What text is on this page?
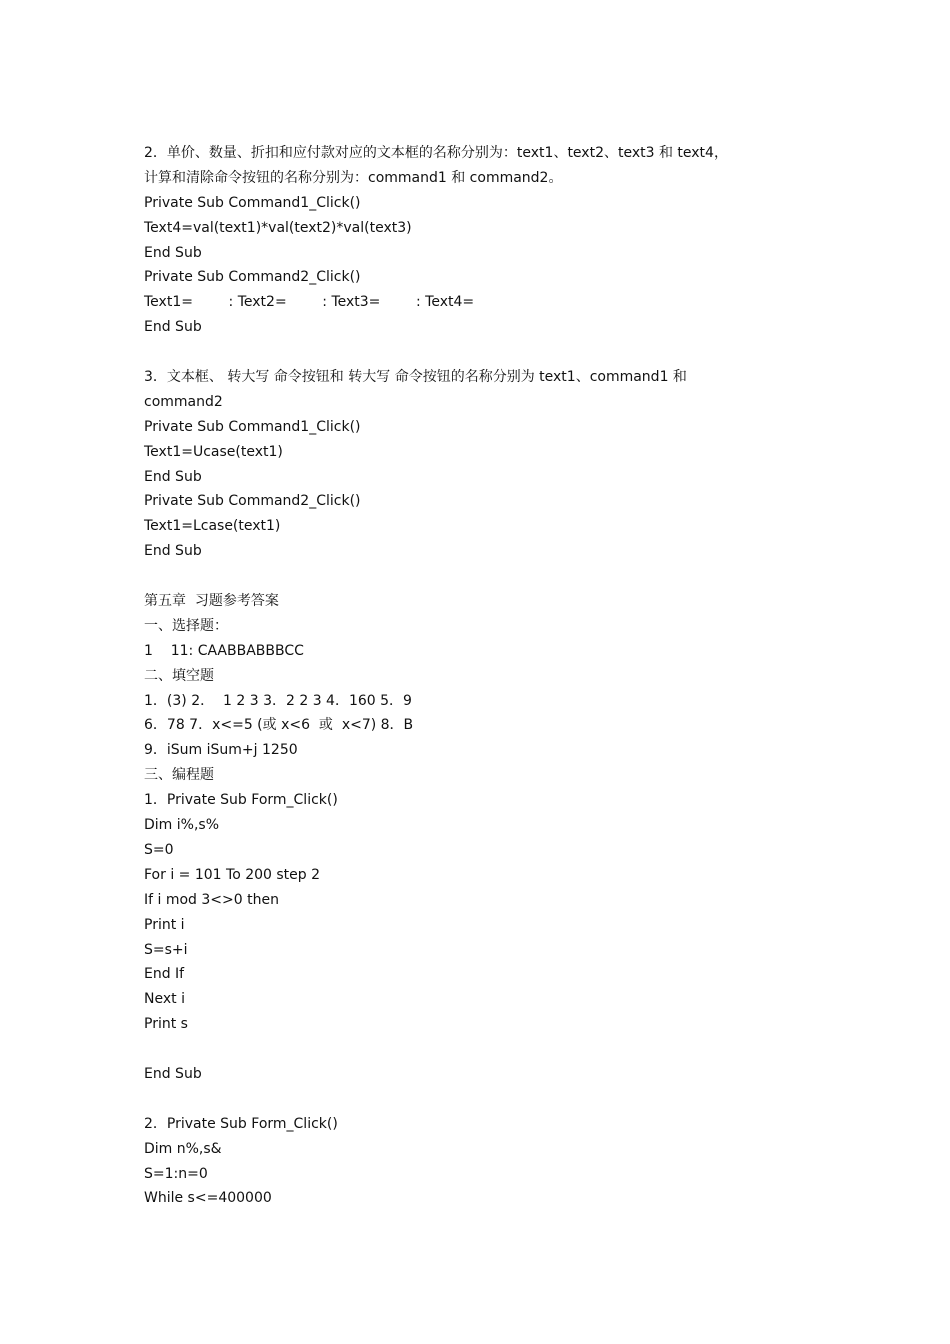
2．单价、数量、折扣和应付款对应的文本框的名称分别为：text1、text2、text3 和 text4，
计算和清除命令按钮的名称分别为：command1 和 command2。
Private Sub Command1_Click()
Text4=val(text1)*val(text2)*val(text3)
End Sub
Private Sub Command2_Click()
Text1=        : Text2=        : Text3=        : Text4=
End Sub
3．文本框、 转大写 命令按钮和 转大写 命令按钮的名称分别为 text1、command1 和
command2
Private Sub Command1_Click()
Text1=Ucase(text1)
End Sub
Private Sub Command2_Click()
Text1=Lcase(text1)
End Sub
第五章  习题参考答案
一、选择题：
1    11: CAABBABBBCC
二、填空题
1．(3) 2．  1 2 3 3．2 2 3 4．160 5．9
6．78 7．x<=5 (或 x<6  或  x<7) 8．B
9．iSum iSum+j 1250
三、编程题
1．Private Sub Form_Click()
Dim i%,s%
S=0
For i = 101 To 200 step 2
If i mod 3<>0 then
Print i
S=s+i
End If
Next i
Print s
End Sub
2．Private Sub Form_Click()
Dim n%,s&
S=1:n=0
While s<=400000
